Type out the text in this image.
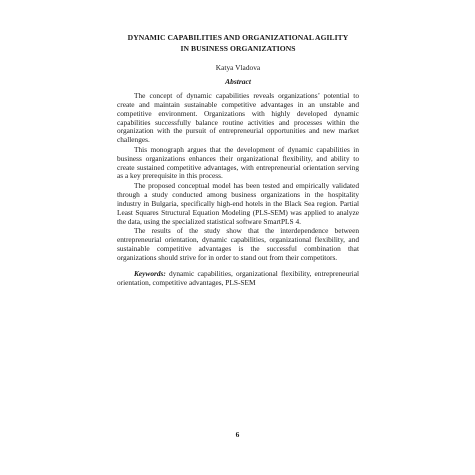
DYNAMIC CAPABILITIES AND ORGANIZATIONAL AGILITY
IN BUSINESS ORGANIZATIONS

Katya Vladova

Abstract

The concept of dynamic capabilities reveals organizations’ potential to create and maintain sustainable competitive advantages in an unstable and competitive environment. Organizations with highly developed dynamic capabilities successfully balance routine activities and processes within the organization with the pursuit of entrepreneurial opportunities and new market challenges.

This monograph argues that the development of dynamic capabilities in business organizations enhances their organizational flexibility, and ability to create sustained competitive advantages, with entrepreneurial orientation serving as a key prerequisite in this process.

The proposed conceptual model has been tested and empirically validated through a study conducted among business organizations in the hospitality industry in Bulgaria, specifically high-end hotels in the Black Sea region. Partial Least Squares Structural Equation Modeling (PLS-SEM) was applied to analyze the data, using the specialized statistical software SmartPLS 4.

The results of the study show that the interdependence between entrepreneurial orientation, dynamic capabilities, organizational flexibility, and sustainable competitive advantages is the successful combination that organizations should strive for in order to stand out from their competitors.

Keywords: dynamic capabilities, organizational flexibility, entrepreneurial orientation, competitive advantages, PLS-SEM

6
